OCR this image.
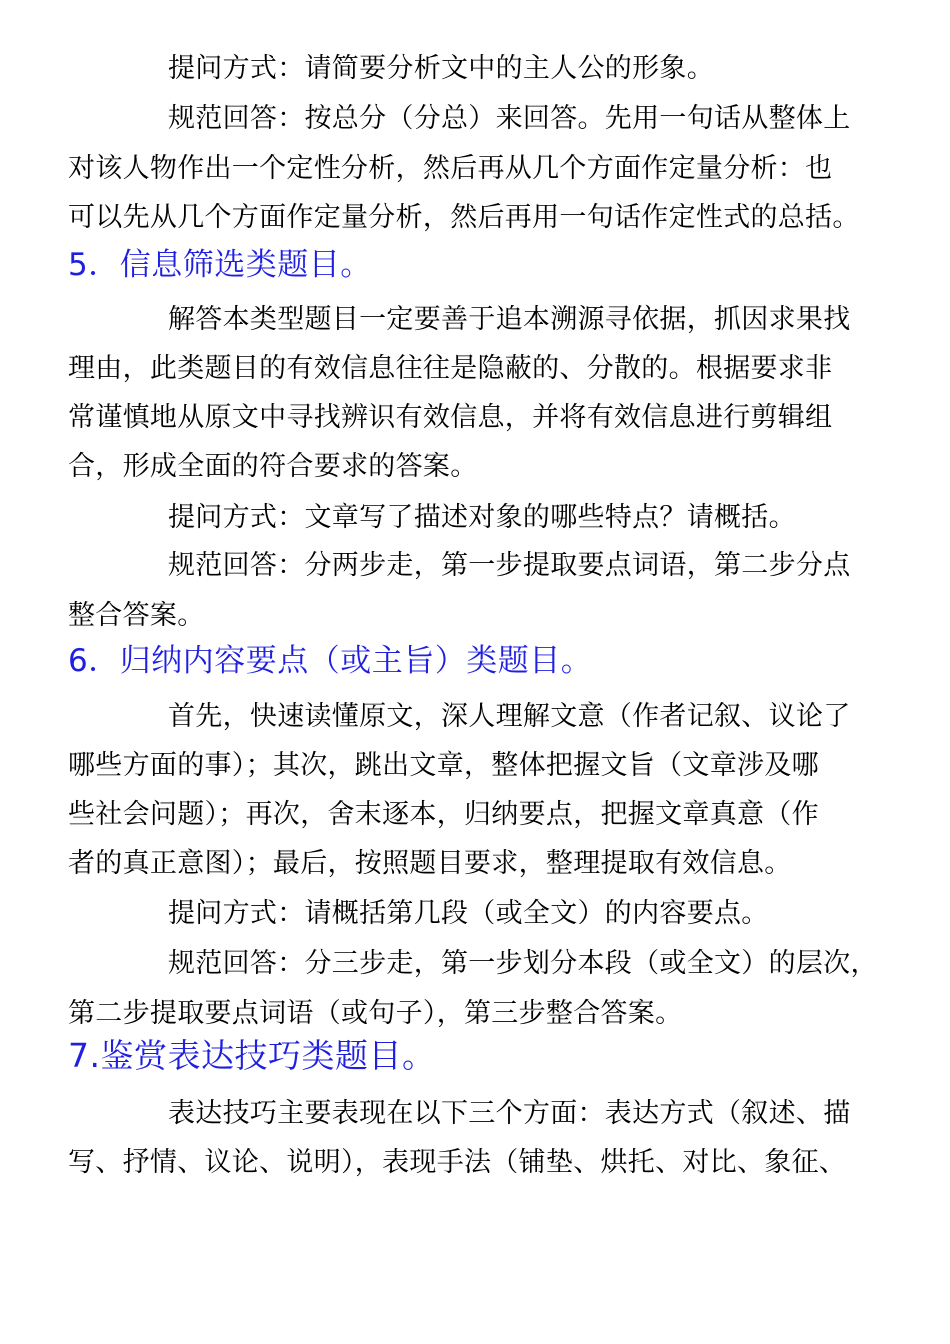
提问方式：请简要分析文中的主人公的形象。
规范回答：按总分（分总）来回答。先用一句话从整体上
对该人物作出一个定性分析，然后再从几个方面作定量分析：也
可以先从几个方面作定量分析，然后再用一句话作定性式的总括。
5．信息筛选类题目。
解答本类型题目一定要善于追本溯源寻依据，抓因求果找
理由，此类题目的有效信息往往是隐蔽的、分散的。根据要求非
常谨慎地从原文中寻找辨识有效信息，并将有效信息进行剪辑组
合，形成全面的符合要求的答案。
提问方式：文章写了描述对象的哪些特点？请概括。
规范回答：分两步走，第一步提取要点词语，第二步分点
整合答案。
6．归纳内容要点（或主旨）类题目。
首先，快速读懂原文，深人理解文意（作者记叙、议论了
哪些方面的事）；其次，跳出文章，整体把握文旨（文章涉及哪
些社会问题）；再次，舍末逐本，归纳要点，把握文章真意（作
者的真正意图）；最后，按照题目要求，整理提取有效信息。
提问方式：请概括第几段（或全文）的内容要点。
规范回答：分三步走，第一步划分本段（或全文）的层次，
第二步提取要点词语（或句子），第三步整合答案。
7.鉴赏表达技巧类题目。
表达技巧主要表现在以下三个方面：表达方式（叙述、描
写、抒情、议论、说明），表现手法（铺垫、烘托、对比、象征、
